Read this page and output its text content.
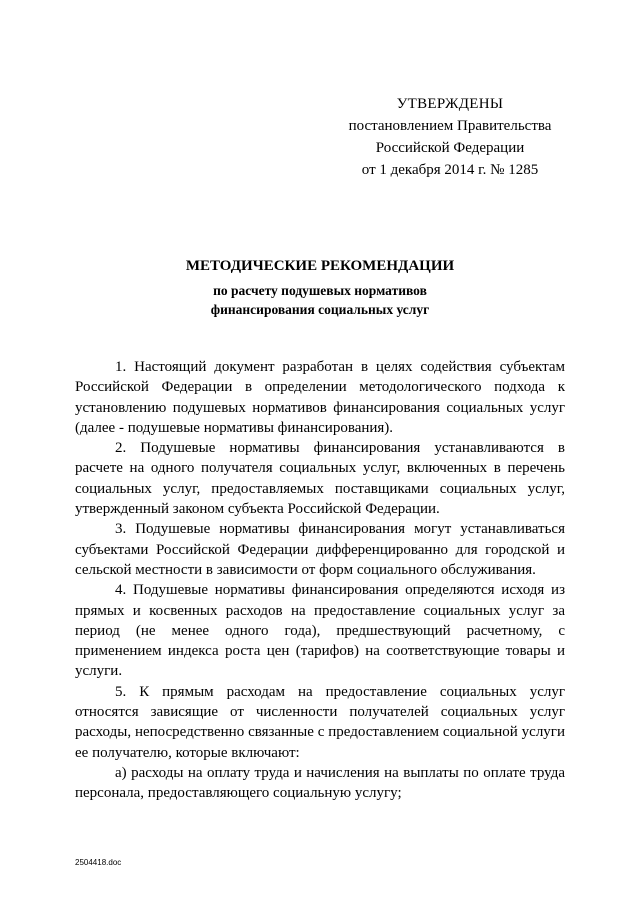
УТВЕРЖДЕНЫ
постановлением Правительства
Российской Федерации
от 1 декабря 2014 г. № 1285
МЕТОДИЧЕСКИЕ РЕКОМЕНДАЦИИ
по расчету подушевых нормативов
финансирования социальных услуг

1. Настоящий документ разработан в целях содействия субъектам Российской Федерации в определении методологического подхода к установлению подушевых нормативов финансирования социальных услуг (далее - подушевые нормативы финансирования).

2. Подушевые нормативы финансирования устанавливаются в расчете на одного получателя социальных услуг, включенных в перечень социальных услуг, предоставляемых поставщиками социальных услуг, утвержденный законом субъекта Российской Федерации.

3. Подушевые нормативы финансирования могут устанавливаться субъектами Российской Федерации дифференцированно для городской и сельской местности в зависимости от форм социального обслуживания.

4. Подушевые нормативы финансирования определяются исходя из прямых и косвенных расходов на предоставление социальных услуг за период (не менее одного года), предшествующий расчетному, с применением индекса роста цен (тарифов) на соответствующие товары и услуги.

5. К прямым расходам на предоставление социальных услуг относятся зависящие от численности получателей социальных услуг расходы, непосредственно связанные с предоставлением социальной услуги ее получателю, которые включают:

а) расходы на оплату труда и начисления на выплаты по оплате труда персонала, предоставляющего социальную услугу;

2504418.doc
